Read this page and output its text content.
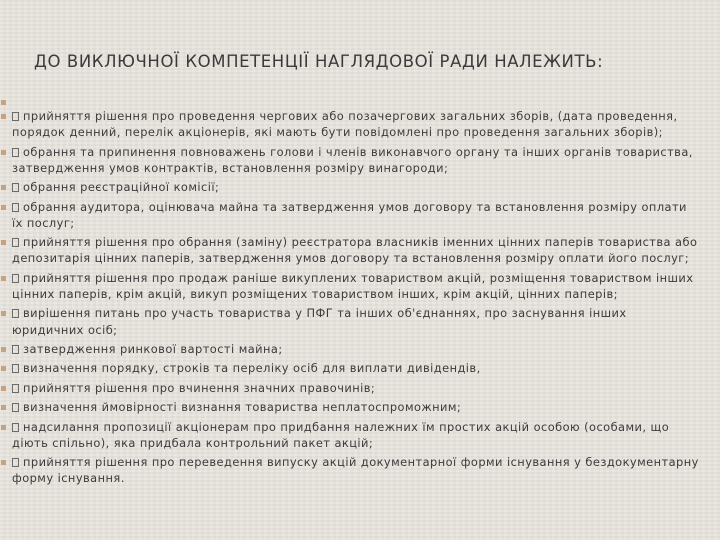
ДО ВИКЛЮЧНОЇ КОМПЕТЕНЦІЇ НАГЛЯДОВОЇ РАДИ НАЛЕЖИТЬ:
прийняття рішення про проведення чергових або позачергових загальних зборів, (дата проведення, порядок денний, перелік акціонерів, які мають бути повідомлені про проведення загальних зборів);
обрання та припинення повноважень голови і членів виконавчого органу та інших органів товариства, затвердження умов контрактів, встановлення розміру винагороди;
обрання реєстраційної комісії;
обрання аудитора, оцінювача майна та затвердження умов договору та встановлення розміру оплати їх послуг;
прийняття рішення про обрання (заміну) реєстратора власників іменних цінних паперів товариства або депозитарія цінних паперів, затвердження умов договору та встановлення розміру оплати його послуг;
прийняття рішення про продаж раніше викуплених товариством акцій, розміщення товариством інших цінних паперів, крім акцій, викуп розміщених товариством інших, крім акцій, цінних паперів;
вирішення питань про участь товариства у ПФГ та інших об'єднаннях, про заснування інших юридичних осіб;
затвердження ринкової вартості майна;
визначення порядку, строків та переліку осіб для виплати дивідендів,
прийняття рішення про вчинення значних правочинів;
визначення ймовірності визнання товариства неплатоспроможним;
надсилання пропозиції акціонерам про придбання належних їм простих акцій особою (особами, що діють спільно), яка придбала контрольний пакет акцій;
прийняття рішення про переведення випуску акцій документарної форми існування у бездокументарну форму існування.
